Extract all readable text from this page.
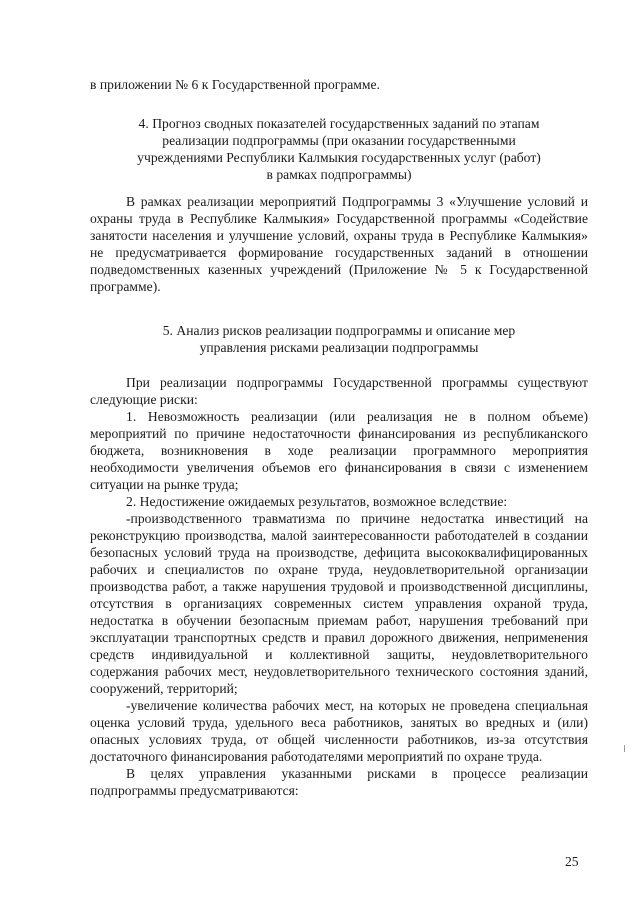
в приложении № 6 к Государственной программе.

4. Прогноз сводных показателей государственных заданий по этапам реализации подпрограммы (при оказании государственными учреждениями Республики Калмыкия государственных услуг (работ) в рамках подпрограммы)

В рамках реализации мероприятий Подпрограммы 3 «Улучшение условий и охраны труда в Республике Калмыкия» Государственной программы «Содействие занятости населения и улучшение условий, охраны труда в Республике Калмыкия» не предусматривается формирование государственных заданий в отношении подведомственных казенных учреждений (Приложение № 5 к Государственной программе).

5. Анализ рисков реализации подпрограммы и описание мер управления рисками реализации подпрограммы

При реализации подпрограммы Государственной программы существуют следующие риски:

1. Невозможность реализации (или реализация не в полном объеме) мероприятий по причине недостаточности финансирования из республиканского бюджета, возникновения в ходе реализации программного мероприятия необходимости увеличения объемов его финансирования в связи с изменением ситуации на рынке труда;

2. Недостижение ожидаемых результатов, возможное вследствие:

-производственного травматизма по причине недостатка инвестиций на реконструкцию производства, малой заинтересованности работодателей в создании безопасных условий труда на производстве, дефицита высококвалифицированных рабочих и специалистов по охране труда, неудовлетворительной организации производства работ, а также нарушения трудовой и производственной дисциплины, отсутствия в организациях современных систем управления охраной труда, недостатка в обучении безопасным приемам работ, нарушения требований при эксплуатации транспортных средств и правил дорожного движения, неприменения средств индивидуальной и коллективной защиты, неудовлетворительного содержания рабочих мест, неудовлетворительного технического состояния зданий, сооружений, территорий;

-увеличение количества рабочих мест, на которых не проведена специальная оценка условий труда, удельного веса работников, занятых во вредных и (или) опасных условиях труда, от общей численности работников, из-за отсутствия достаточного финансирования работодателями мероприятий по охране труда.

В целях управления указанными рисками в процессе реализации подпрограммы предусматриваются:

25
